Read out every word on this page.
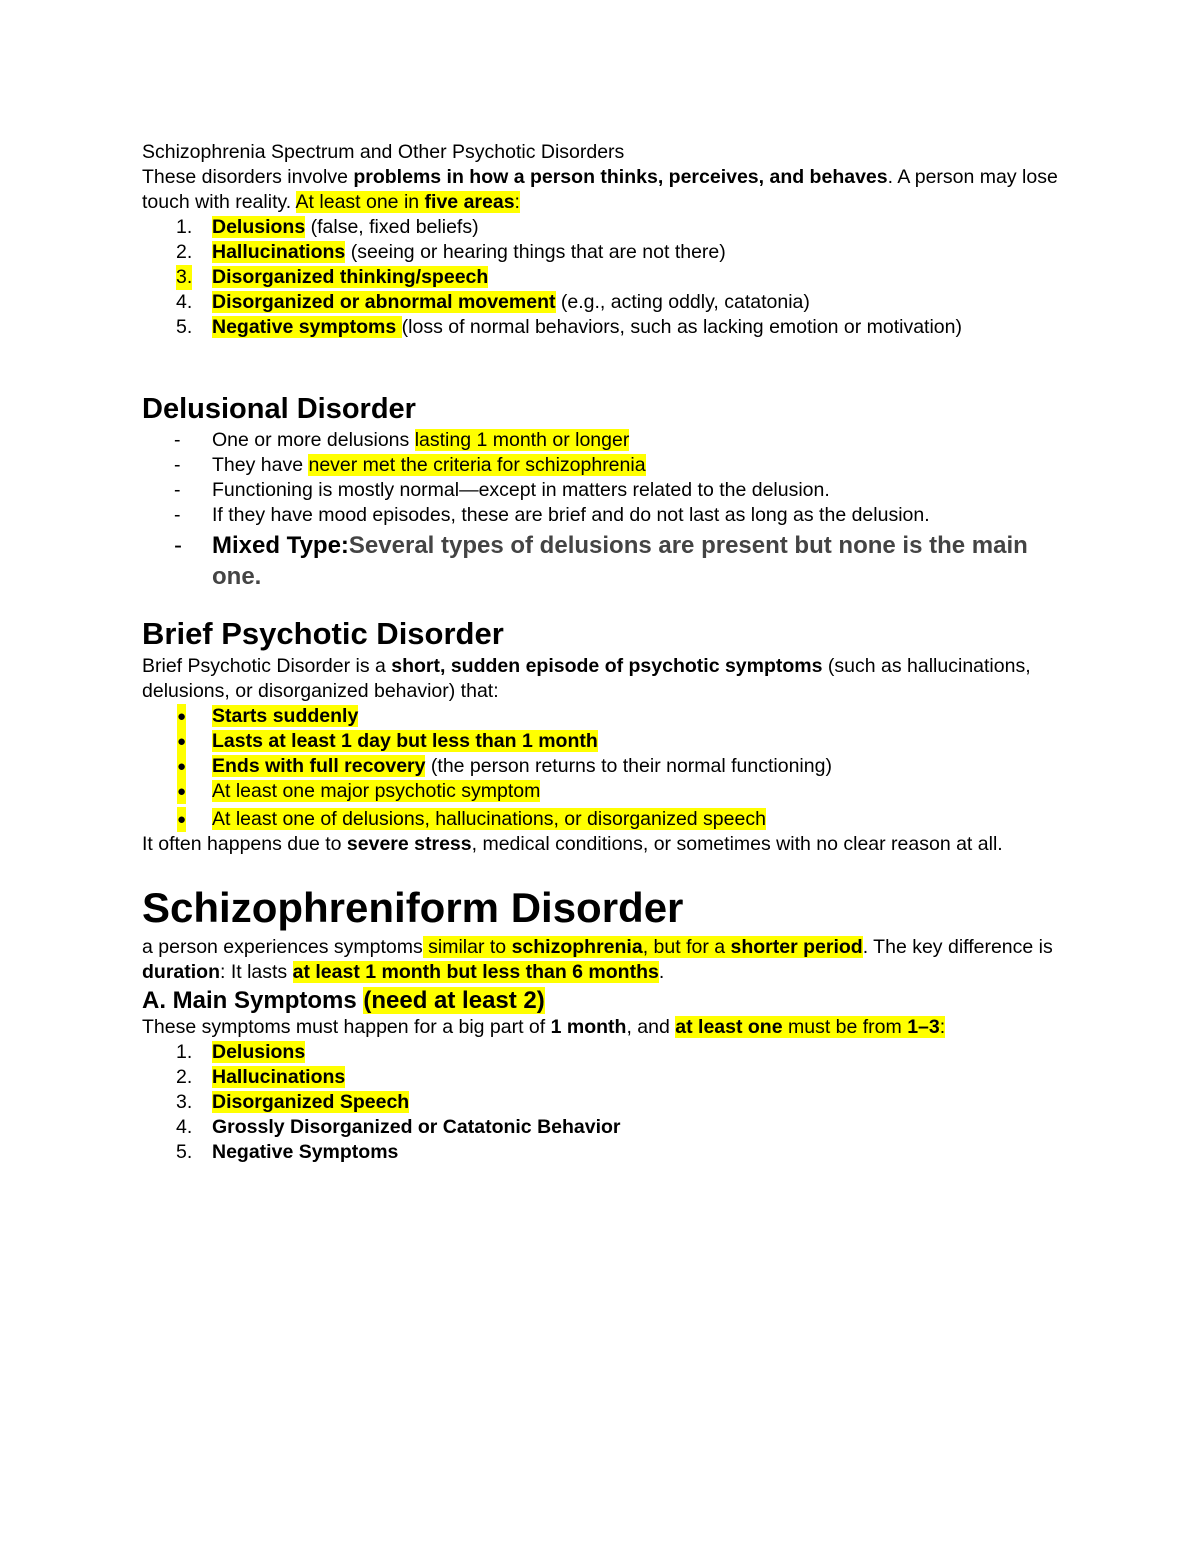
Schizophrenia Spectrum and Other Psychotic Disorders

These disorders involve problems in how a person thinks, perceives, and behaves. A person may lose touch with reality. At least one in five areas:

1. Delusions (false, fixed beliefs)
2. Hallucinations (seeing or hearing things that are not there)
3. Disorganized thinking/speech
4. Disorganized or abnormal movement (e.g., acting oddly, catatonia)
5. Negative symptoms (loss of normal behaviors, such as lacking emotion or motivation)
Delusional Disorder
- One or more delusions lasting 1 month or longer
- They have never met the criteria for schizophrenia
- Functioning is mostly normal—except in matters related to the delusion.
- If they have mood episodes, these are brief and do not last as long as the delusion.
- Mixed Type:Several types of delusions are present but none is the main one.
Brief Psychotic Disorder

Brief Psychotic Disorder is a short, sudden episode of psychotic symptoms (such as hallucinations, delusions, or disorganized behavior) that:

● Starts suddenly
● Lasts at least 1 day but less than 1 month
● Ends with full recovery (the person returns to their normal functioning)
● At least one major psychotic symptom
● At least one of delusions, hallucinations, or disorganized speech

It often happens due to severe stress, medical conditions, or sometimes with no clear reason at all.

Schizophreniform Disorder

a person experiences symptoms similar to schizophrenia, but for a shorter period. The key difference is duration: It lasts at least 1 month but less than 6 months.

A. Main Symptoms (need at least 2)

These symptoms must happen for a big part of 1 month, and at least one must be from 1–3:

1. Delusions
2. Hallucinations
3. Disorganized Speech
4. Grossly Disorganized or Catatonic Behavior
5. Negative Symptoms
